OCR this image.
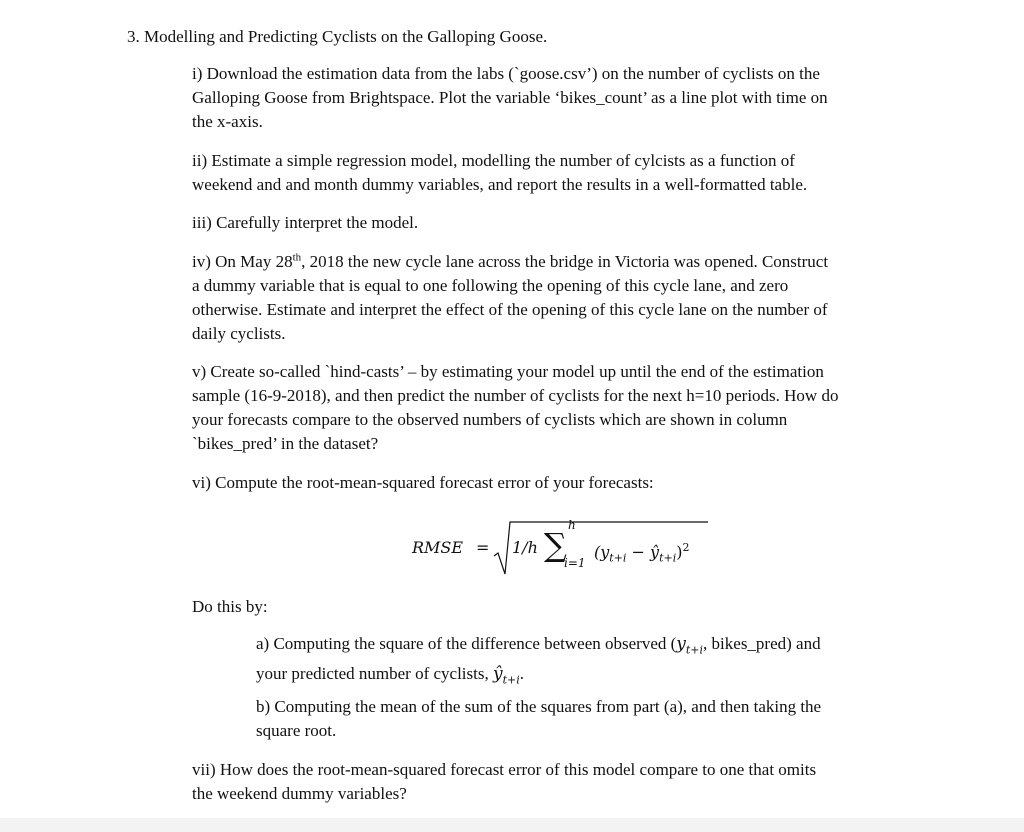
3. Modelling and Predicting Cyclists on the Galloping Goose.
i) Download the estimation data from the labs (`goose.csv’) on the number of cyclists on the
Galloping Goose from Brightspace. Plot the variable ‘bikes_count’ as a line plot with time on
the x-axis.
ii) Estimate a simple regression model, modelling the number of cylcists as a function of
weekend and and month dummy variables, and report the results in a well-formatted table.
iii) Carefully interpret the model.
iv) On May 28th, 2018 the new cycle lane across the bridge in Victoria was opened. Construct
a dummy variable that is equal to one following the opening of this cycle lane, and zero
otherwise. Estimate and interpret the effect of the opening of this cycle lane on the number of
daily cyclists.
v) Create so-called `hind-casts’ – by estimating your model up until the end of the estimation
sample (16-9-2018), and then predict the number of cyclists for the next h=10 periods. How do
your forecasts compare to the observed numbers of cyclists which are shown in column
`bikes_pred’ in the dataset?
vi) Compute the root-mean-squared forecast error of your forecasts:
RMSE = 1/h ∑
h
i=1
($y_{t+i}$ − $ŷ_{t+i})^2$
Do this by:
a) Computing the square of the difference between observed ($y_{t+i}$, bikes_pred) and
your predicted number of cyclists, $ŷ_{t+i}$.
b) Computing the mean of the sum of the squares from part (a), and then taking the
square root.
vii) How does the root-mean-squared forecast error of this model compare to one that omits
the weekend dummy variables?
